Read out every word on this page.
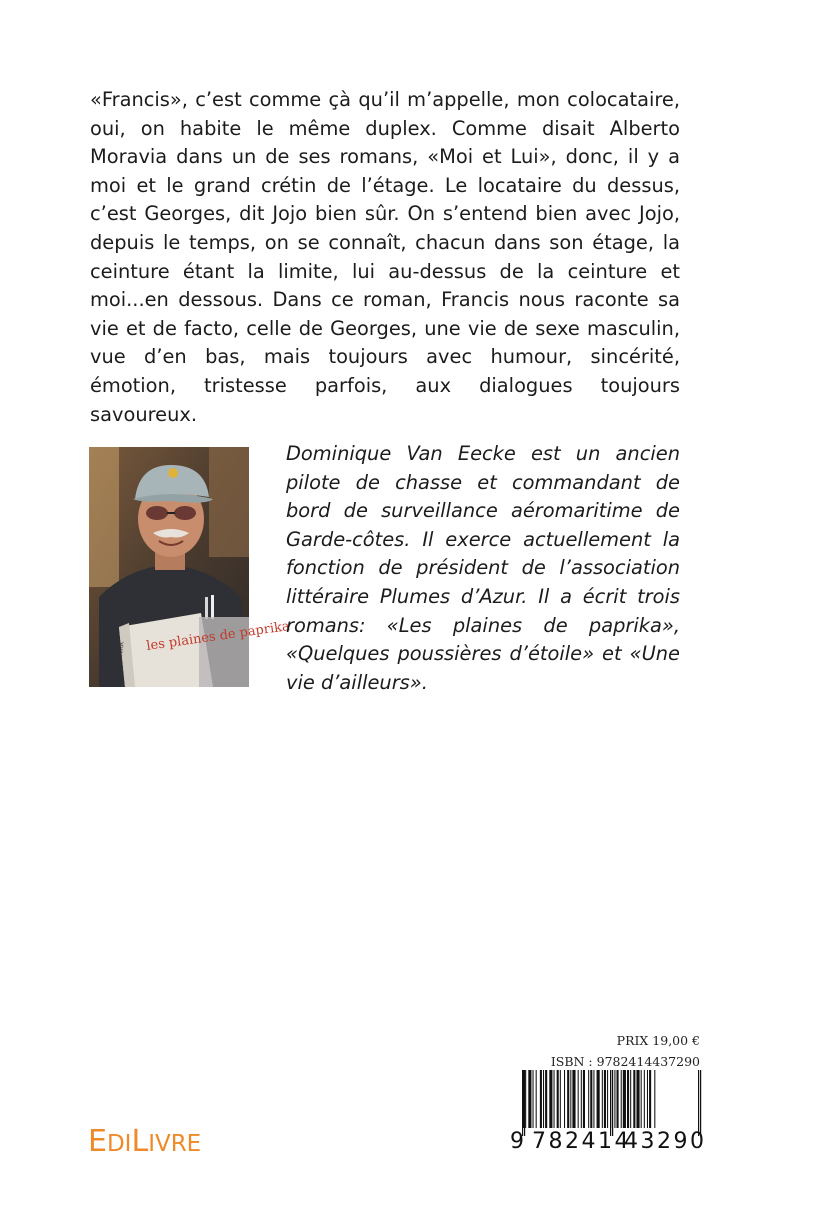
«Francis», c’est comme çà qu’il m’appelle, mon colocataire, oui, on habite le même duplex. Comme disait Alberto Moravia dans un de ses romans, «Moi et Lui», donc, il y a moi et le grand crétin de l’étage. Le locataire du dessus, c’est Georges, dit Jojo bien sûr. On s’entend bien avec Jojo, depuis le temps, on se connaît, chacun dans son étage, la ceinture étant la limite, lui au-dessus de la ceinture et moi...en dessous. Dans ce roman, Francis nous raconte sa vie et de facto, celle de Georges, une vie de sexe masculin, vue d’en bas, mais toujours avec humour, sincérité, émotion, tristesse parfois, aux dialogues toujours savoureux.

les plaines de paprika
PAPRIKA

Dominique Van Eecke est un ancien pilote de chasse et commandant de bord de surveillance aéromaritime de Garde-côtes. Il exerce actuellement la fonction de président de l’association littéraire Plumes d’Azur. Il a écrit trois romans: «Les plaines de paprika», «Quelques poussières d’étoile» et «Une vie d’ailleurs».

PRIX 19,00 €
ISBN : 9782414437290
9 782414
43290
EDILIVRE
